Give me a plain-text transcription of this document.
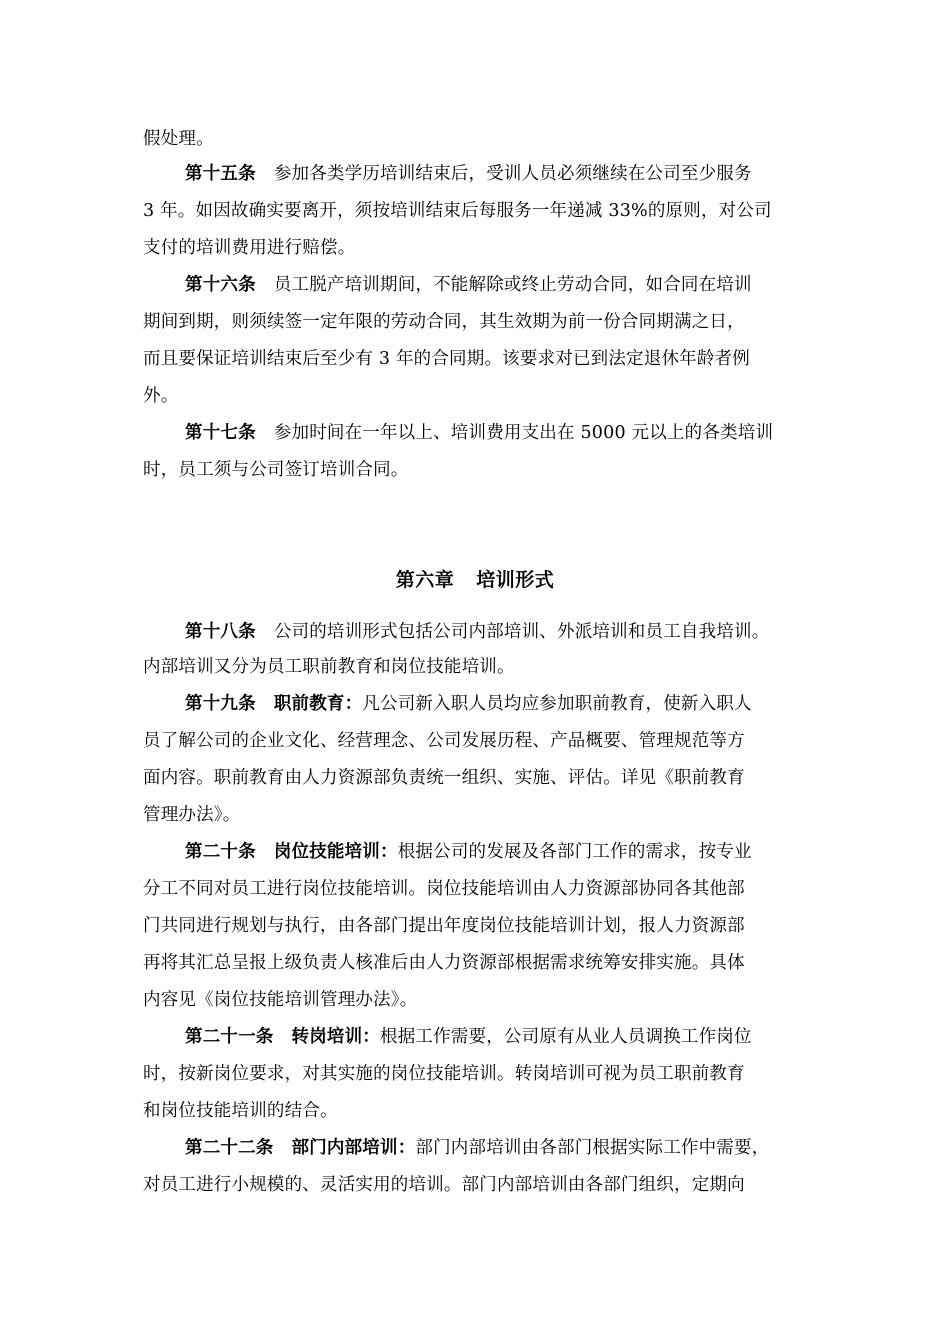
假处理。
第十五条 参加各类学历培训结束后，受训人员必须继续在公司至少服务
3 年。如因故确实要离开，须按培训结束后每服务一年递减 33%的原则，对公司
支付的培训费用进行赔偿。
第十六条 员工脱产培训期间，不能解除或终止劳动合同，如合同在培训
期间到期，则须续签一定年限的劳动合同，其生效期为前一份合同期满之日，
而且要保证培训结束后至少有 3 年的合同期。该要求对已到法定退休年龄者例
外。
第十七条 参加时间在一年以上、培训费用支出在 5000 元以上的各类培训
时，员工须与公司签订培训合同。
第六章 培训形式
第十八条 公司的培训形式包括公司内部培训、外派培训和员工自我培训。
内部培训又分为员工职前教育和岗位技能培训。
第十九条 职前教育：凡公司新入职人员均应参加职前教育，使新入职人
员了解公司的企业文化、经营理念、公司发展历程、产品概要、管理规范等方
面内容。职前教育由人力资源部负责统一组织、实施、评估。详见《职前教育
管理办法》。
第二十条 岗位技能培训：根据公司的发展及各部门工作的需求，按专业
分工不同对员工进行岗位技能培训。岗位技能培训由人力资源部协同各其他部
门共同进行规划与执行，由各部门提出年度岗位技能培训计划，报人力资源部
再将其汇总呈报上级负责人核准后由人力资源部根据需求统筹安排实施。具体
内容见《岗位技能培训管理办法》。
第二十一条 转岗培训：根据工作需要，公司原有从业人员调换工作岗位
时，按新岗位要求，对其实施的岗位技能培训。转岗培训可视为员工职前教育
和岗位技能培训的结合。
第二十二条 部门内部培训：部门内部培训由各部门根据实际工作中需要，
对员工进行小规模的、灵活实用的培训。部门内部培训由各部门组织，定期向
